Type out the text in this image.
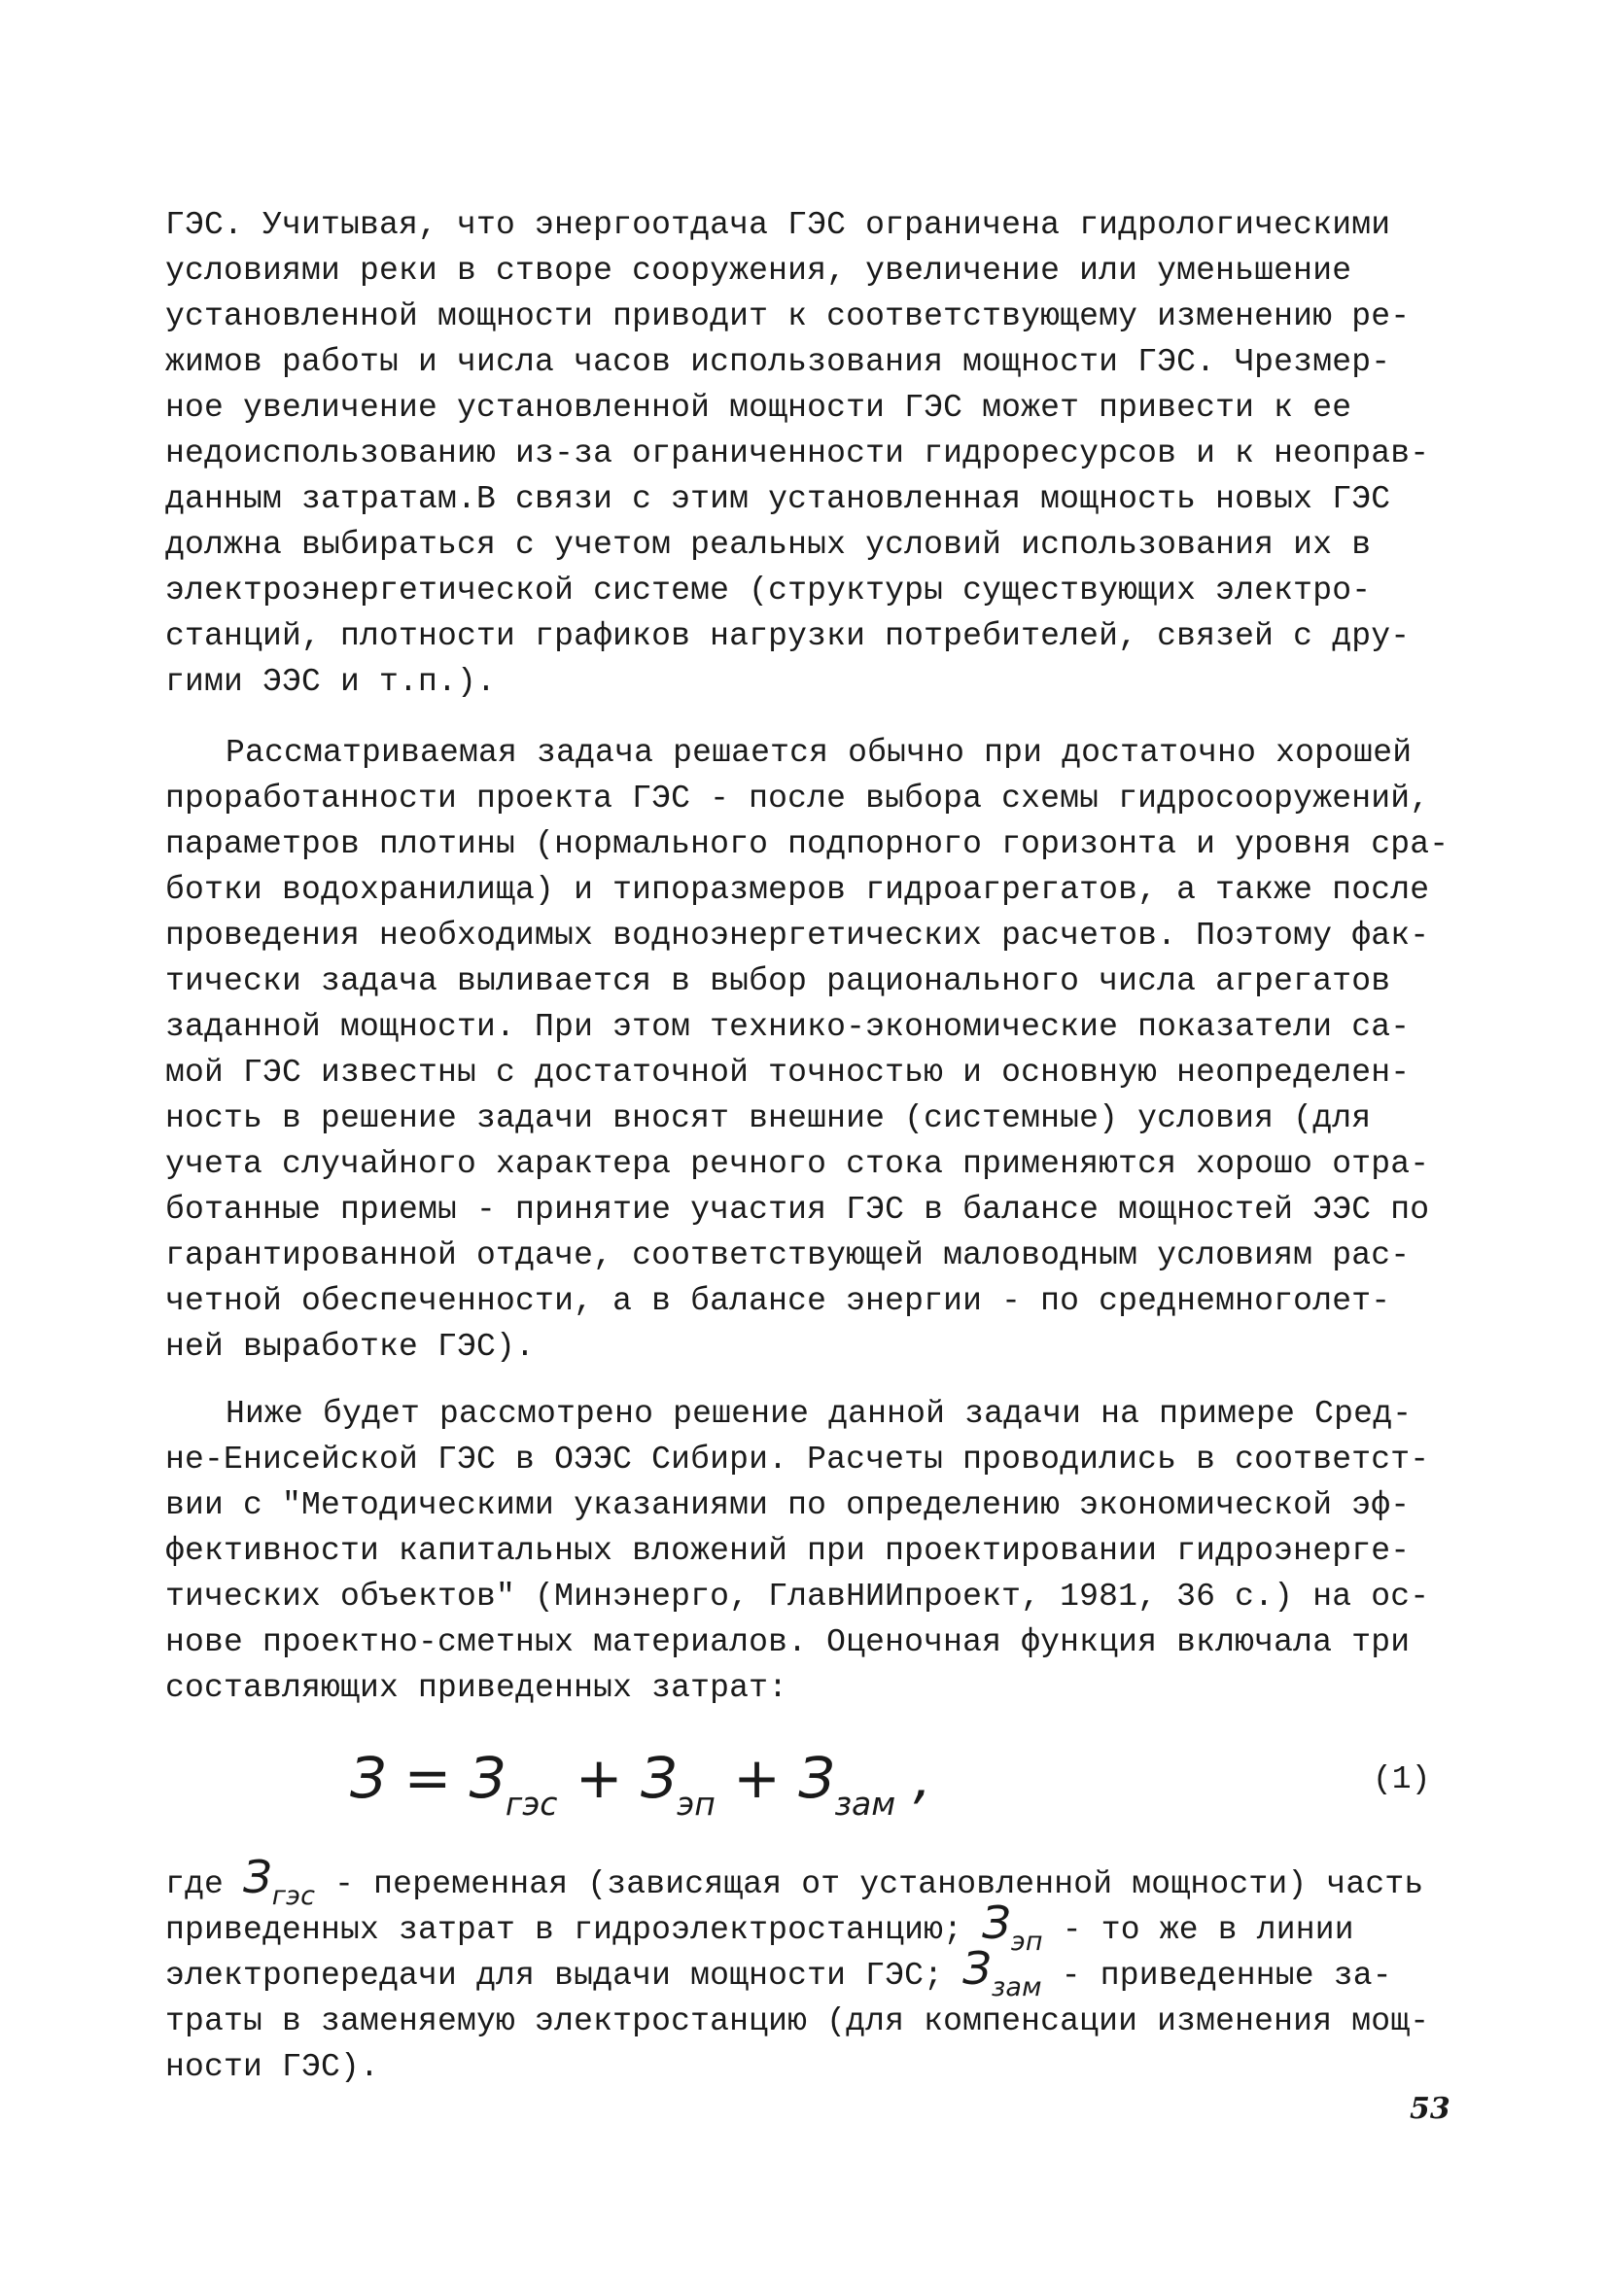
ГЭС. Учитывая, что энергоотдача ГЭС ограничена гидрологическими
условиями реки в створе сооружения, увеличение или уменьшение
установленной мощности приводит к соответствующему изменению ре-
жимов работы и числа часов использования мощности ГЭС. Чрезмер-
ное увеличение установленной мощности ГЭС может привести к ее
недоиспользованию из-за ограниченности гидроресурсов и к неоправ-
данным затратам.В связи с этим установленная мощность новых ГЭС
должна выбираться с учетом реальных условий использования их в
электроэнергетической системе (структуры существующих электро-
станций, плотности графиков нагрузки потребителей, связей с дру-
гими ЭЭС и т.п.).
Рассматриваемая задача решается обычно при достаточно хорошей
проработанности проекта ГЭС - после выбора схемы гидросооружений,
параметров плотины (нормального подпорного горизонта и уровня сра-
ботки водохранилища) и типоразмеров гидроагрегатов, а также после
проведения необходимых водноэнергетических расчетов. Поэтому фак-
тически задача выливается в выбор рационального числа агрегатов
заданной мощности. При этом технико-экономические показатели са-
мой ГЭС известны с достаточной точностью и основную неопределен-
ность в решение задачи вносят внешние (системные) условия (для
учета случайного характера речного стока применяются хорошо отра-
ботанные приемы - принятие участия ГЭС в балансе мощностей ЭЭС по
гарантированной отдаче, соответствующей маловодным условиям рас-
четной обеспеченности, а в балансе энергии - по среднемноголет-
ней выработке ГЭС).
Ниже будет рассмотрено решение данной задачи на примере Сред-
не-Енисейской ГЭС в ОЭЭС Сибири. Расчеты проводились в соответст-
вии с "Методическими указаниями по определению экономической эф-
фективности капитальных вложений при проектировании гидроэнерге-
тических объектов" (Минэнерго, ГлавНИИпроект, 1981, 36 с.) на ос-
нове проектно-сметных материалов. Оценочная функция включала три
составляющих приведенных затрат:
$З = З_{гэс} + З_{эп} + З_{зам}$ ,	(1)
где $З_{гэс}$ - переменная (зависящая от установленной мощности) часть
приведенных затрат в гидроэлектростанцию; $З_{эп}$ - то же в линии
электропередачи для выдачи мощности ГЭС; $З_{зам}$ - приведенные за-
траты в заменяемую электростанцию (для компенсации изменения мощ-
ности ГЭС).
53
